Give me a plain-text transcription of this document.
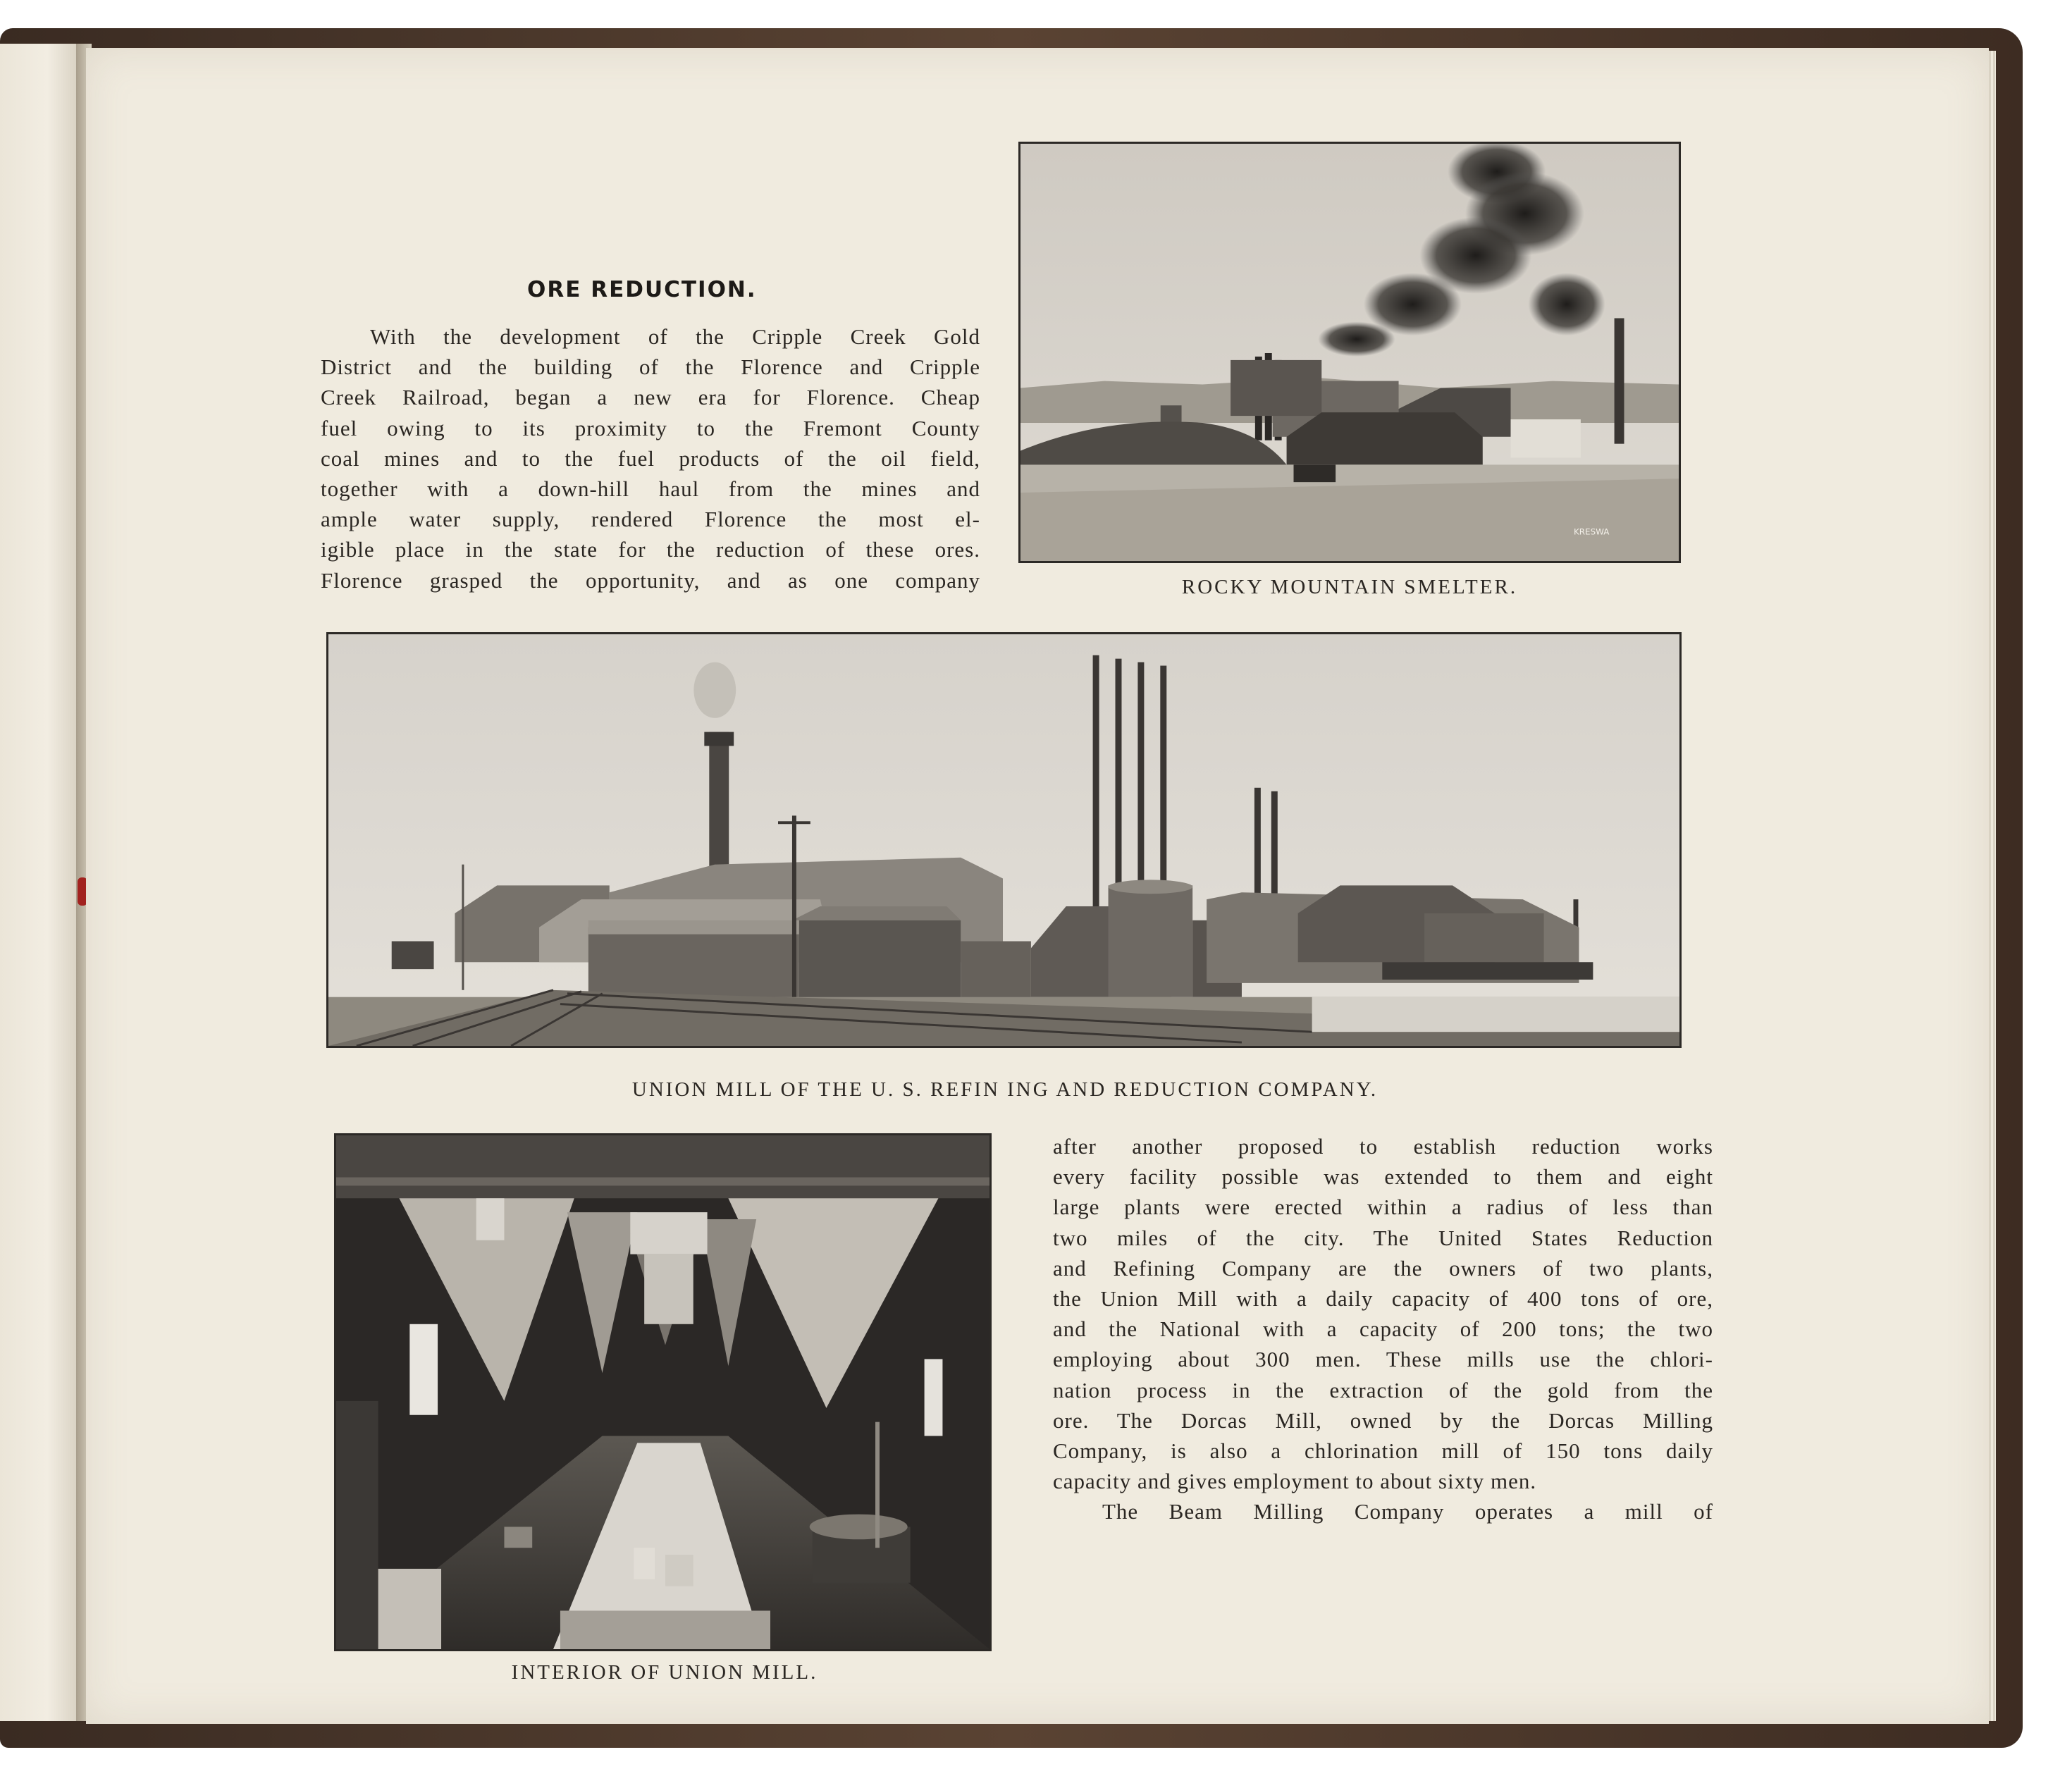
ORE REDUCTION.
With the development of the Cripple Creek Gold
District and the building of the Florence and Cripple
Creek Railroad, began a new era for Florence. Cheap
fuel owing to its proximity to the Fremont County
coal mines and to the fuel products of the oil field,
together with a down-hill haul from the mines and
ample water supply, rendered Florence the most el-
igible place in the state for the reduction of these ores.
Florence grasped the opportunity, and as one company
after another proposed to establish reduction works
every facility possible was extended to them and eight
large plants were erected within a radius of less than
two miles of the city. The United States Reduction
and Refining Company are the owners of two plants,
the Union Mill with a daily capacity of 400 tons of ore,
and the National with a capacity of 200 tons; the two
employing about 300 men. These mills use the chlori-
nation process in the extraction of the gold from the
ore. The Dorcas Mill, owned by the Dorcas Milling
Company, is also a chlorination mill of 150 tons daily
capacity and gives employment to about sixty men.
The Beam Milling Company operates a mill of
KRESWA
ROCKY MOUNTAIN SMELTER.
UNION MILL OF THE U. S. REFIN ING AND REDUCTION COMPANY.
INTERIOR OF UNION MILL.
